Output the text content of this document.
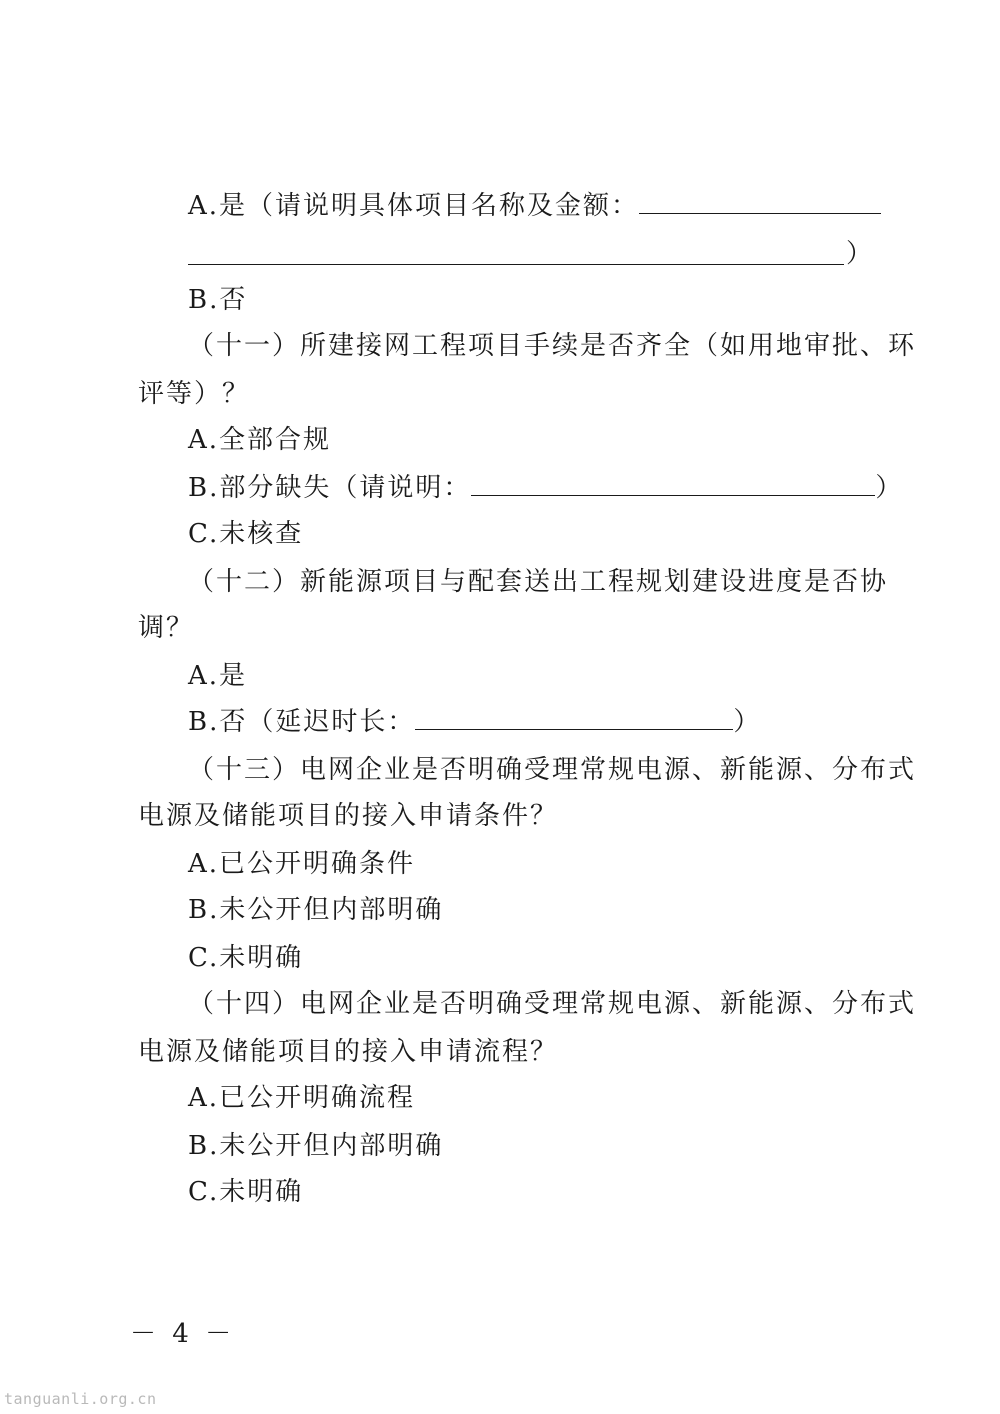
A.是（请说明具体项目名称及金额：
）
B.否
（十一）所建接网工程项目手续是否齐全（如用地审批、环
评等）？
A.全部合规
B.部分缺失（请说明：	）
C.未核查
（十二）新能源项目与配套送出工程规划建设进度是否协
调？
A.是
B.否（延迟时长：	）
（十三）电网企业是否明确受理常规电源、新能源、分布式
电源及储能项目的接入申请条件？
A.已公开明确条件
B.未公开但内部明确
C.未明确
（十四）电网企业是否明确受理常规电源、新能源、分布式
电源及储能项目的接入申请流程？
A.已公开明确流程
B.未公开但内部明确
C.未明确
－ 4 －
tanguanli.org.cn
